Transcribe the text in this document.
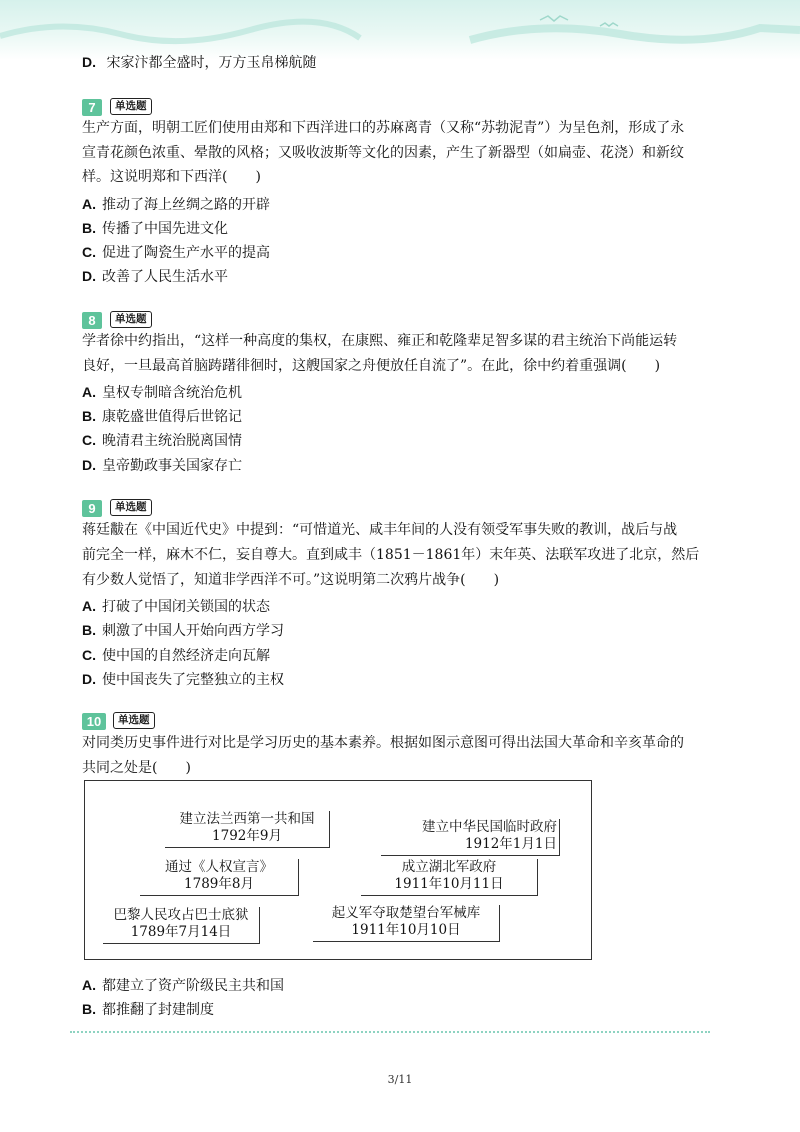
D. 宋家汴都全盛时，万方玉帛梯航随
7	单选题
生产方面，明朝工匠们使用由郑和下西洋进口的苏麻离青（又称“苏勃泥青”）为呈色剂，形成了永
宣青花颜色浓重、晕散的风格；又吸收波斯等文化的因素，产生了新器型（如扁壶、花浇）和新纹
样。这说明郑和下西洋(　　)
A. 推动了海上丝绸之路的开辟
B. 传播了中国先进文化
C. 促进了陶瓷生产水平的提高
D. 改善了人民生活水平
8	单选题
学者徐中约指出，“这样一种高度的集权，在康熙、雍正和乾隆辈足智多谋的君主统治下尚能运转
良好，一旦最高首脑踌躇徘徊时，这艘国家之舟便放任自流了”。在此，徐中约着重强调(　　)
A. 皇权专制暗含统治危机
B. 康乾盛世值得后世铭记
C. 晚清君主统治脱离国情
D. 皇帝勤政事关国家存亡
9	单选题
蒋廷黻在《中国近代史》中提到：“可惜道光、咸丰年间的人没有领受军事失败的教训，战后与战
前完全一样，麻木不仁，妄自尊大。直到咸丰（1851－1861年）末年英、法联军攻进了北京，然后
有少数人觉悟了，知道非学西洋不可。”这说明第二次鸦片战争(　　)
A. 打破了中国闭关锁国的状态
B. 刺激了中国人开始向西方学习
C. 使中国的自然经济走向瓦解
D. 使中国丧失了完整独立的主权
10	单选题
对同类历史事件进行对比是学习历史的基本素养。根据如图示意图可得出法国大革命和辛亥革命的
共同之处是(　　)
建立法兰西第一共和国
1792年9月
通过《人权宣言》
1789年8月
巴黎人民攻占巴士底狱
1789年7月14日
建立中华民国临时政府
1912年1月1日
成立湖北军政府
1911年10月11日
起义军夺取楚望台军械库
1911年10月10日
A. 都建立了资产阶级民主共和国
B. 都推翻了封建制度
3/11
